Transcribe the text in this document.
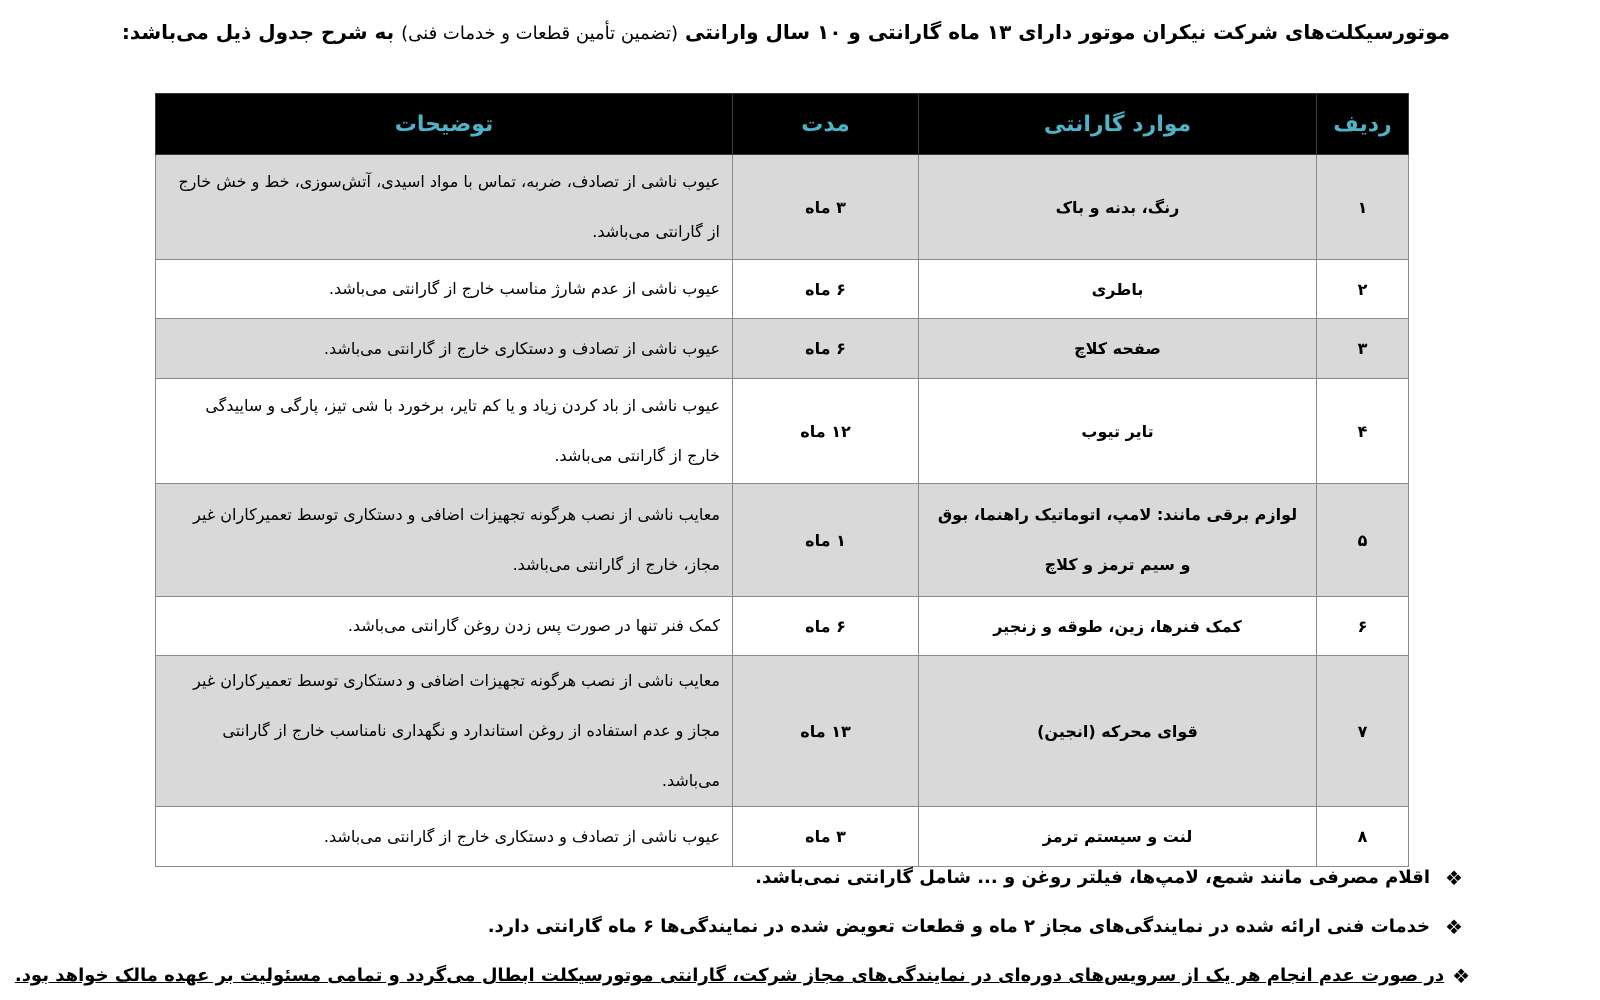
موتورسیکلت‌های شرکت نیکران موتور دارای ۱۳ ماه گارانتی و ۱۰ سال وارانتی (تضمین تأمین قطعات و خدمات فنی) به شرح جدول ذیل می‌باشد:
ردیف	موارد گارانتی	مدت	توضیحات
۱	رنگ، بدنه و باک	۳ ماه	عیوب ناشی از تصادف، ضربه، تماس با مواد اسیدی، آتش‌سوزی، خط و خش خارج از گارانتی می‌باشد.
۲	باطری	۶ ماه	عیوب ناشی از عدم شارژ مناسب خارج از گارانتی می‌باشد.
۳	صفحه کلاچ	۶ ماه	عیوب ناشی از تصادف و دستکاری خارج از گارانتی می‌باشد.
۴	تایر تیوب	۱۲ ماه	عیوب ناشی از باد کردن زیاد و یا کم تایر، برخورد با شی تیز، پارگی و ساییدگی خارج از گارانتی می‌باشد.
۵	لوازم برقی مانند: لامپ، اتوماتیک راهنما، بوق و سیم ترمز و کلاچ	۱ ماه	معایب ناشی از نصب هرگونه تجهیزات اضافی و دستکاری توسط تعمیرکاران غیر مجاز، خارج از گارانتی می‌باشد.
۶	کمک فنرها، زین، طوقه و زنجیر	۶ ماه	کمک فنر تنها در صورت پس زدن روغن گارانتی می‌باشد.
۷	قوای محرکه (انجین)	۱۳ ماه	معایب ناشی از نصب هرگونه تجهیزات اضافی و دستکاری توسط تعمیرکاران غیر مجاز و عدم استفاده از روغن استاندارد و نگهداری نامناسب خارج از گارانتی می‌باشد.
۸	لنت و سیستم ترمز	۳ ماه	عیوب ناشی از تصادف و دستکاری خارج از گارانتی می‌باشد.
❖
اقلام مصرفی مانند شمع، لامپ‌ها، فیلتر روغن و ... شامل گارانتی نمی‌باشد.
❖
خدمات فنی ارائه شده در نمایندگی‌های مجاز ۲ ماه و قطعات تعویض شده در نمایندگی‌ها ۶ ماه گارانتی دارد.
❖
در صورت عدم انجام هر یک از سرویس‌های دوره‌ای در نمایندگی‌های مجاز شرکت، گارانتی موتورسیکلت ابطال می‌گردد و تمامی مسئولیت بر عهده مالک خواهد بود.
